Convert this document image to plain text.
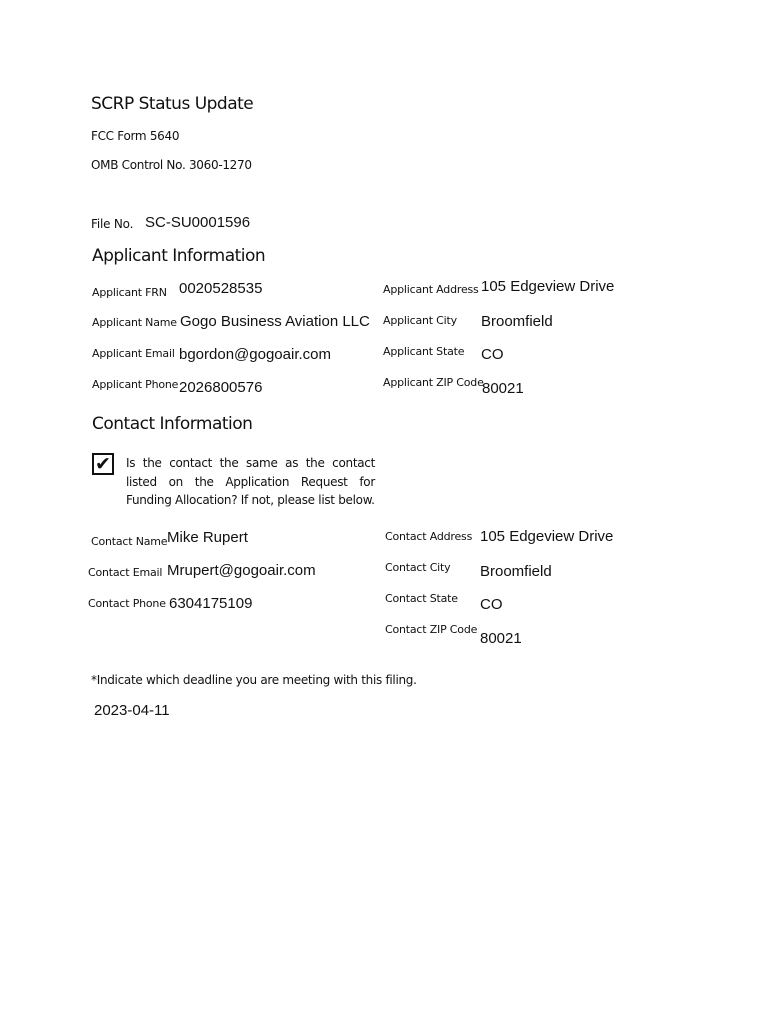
SCRP Status Update
FCC Form 5640
OMB Control No. 3060-1270
File No. SC-SU0001596
Applicant Information
Applicant FRN 0020528535
Applicant Name Gogo Business Aviation LLC
Applicant Email bgordon@gogoair.com
Applicant Phone 2026800576
Applicant Address 105 Edgeview Drive
Applicant City Broomfield
Applicant State CO
Applicant ZIP Code
80021
Contact Information
✔ Is the contact the same as the contact listed on the Application Request for Funding Allocation? If not, please list below.
Contact Name Mike Rupert
Contact Email Mrupert@gogoair.com
Contact Phone 6304175109
Contact Address 105 Edgeview Drive
Contact City Broomfield
Contact State CO
Contact ZIP Code
80021
*Indicate which deadline you are meeting with this filing.
2023-04-11
